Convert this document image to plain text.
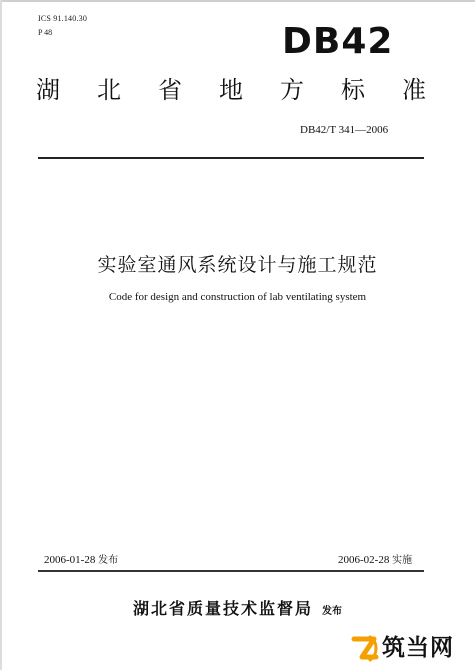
ICS 91.140.30
P 48	DB42
湖 北 省 地 方 标 准
DB42/T 341—2006
实验室通风系统设计与施工规范
Code for design and construction of lab ventilating system
2006-01-28 发布	2006-02-28 实施
湖北省质量技术监督局 发布
筑当网
